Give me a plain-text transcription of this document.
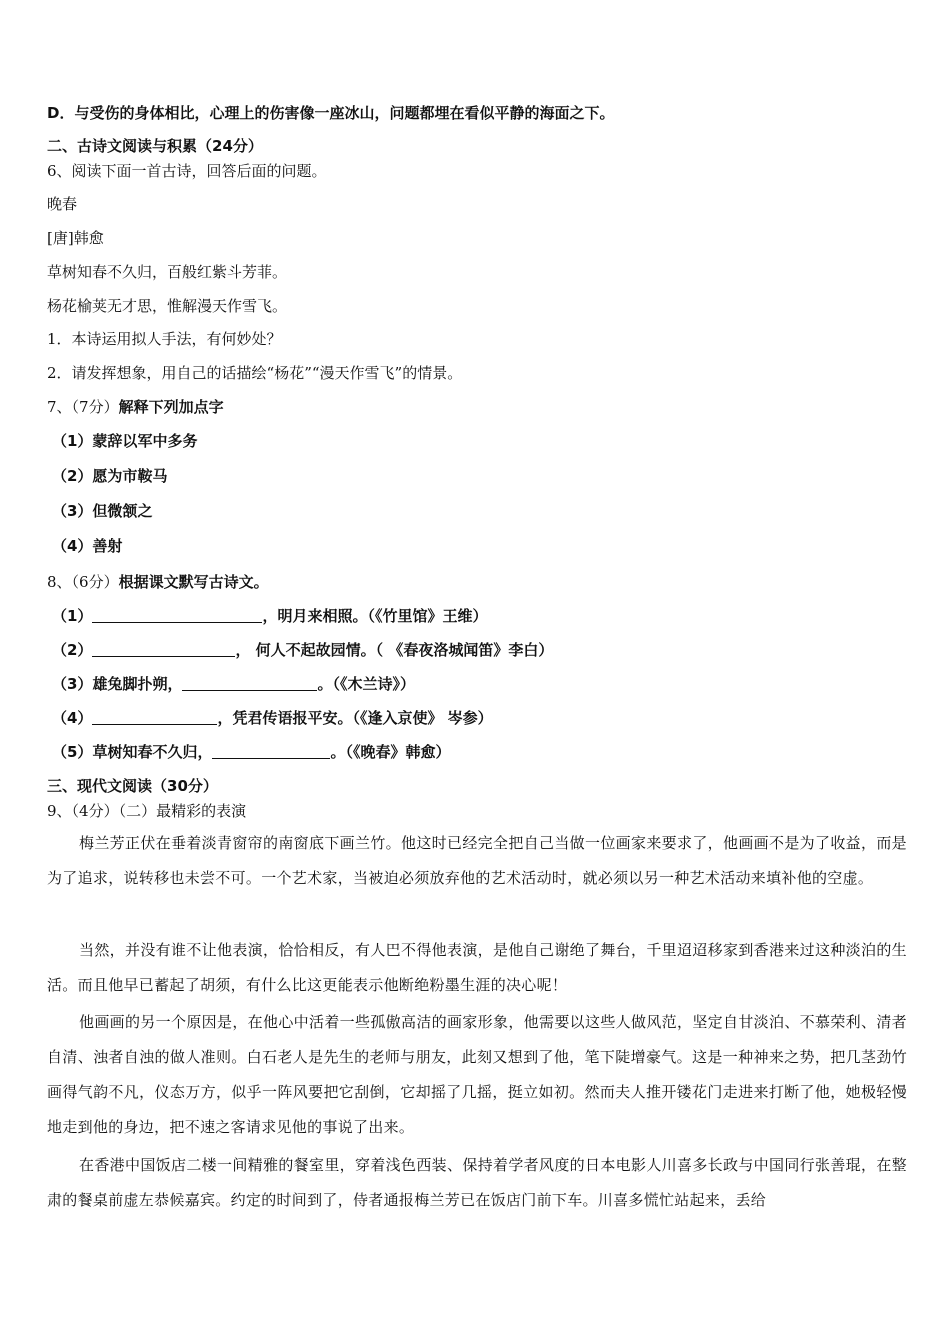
D．与受伤的身体相比，心理上的伤害像一座冰山，问题都埋在看似平静的海面之下。
二、古诗文阅读与积累（24分）
6、阅读下面一首古诗，回答后面的问题。
晚春
[唐]韩愈
草树知春不久归，百般红紫斗芳菲。
杨花榆荚无才思，惟解漫天作雪飞。
1．本诗运用拟人手法，有何妙处？
2．请发挥想象，用自己的话描绘“杨花”“漫天作雪飞”的情景。
7、（7分）解释下列加点字
（1）蒙辞以军中多务
（2）愿为市鞍马
（3）但微颔之
（4）善射
8、（6分）根据课文默写古诗文。
（1）	，明月来相照。（《竹里馆》王维）
（2）	， 何人不起故园情。（ 《春夜洛城闻笛》李白）
（3）雄兔脚扑朔，	。（《木兰诗》）
（4）	，凭君传语报平安。（《逢入京使》 岑参）
（5）草树知春不久归，	。（《晚春》韩愈）
三、现代文阅读（30分）
9、（4分）（二）最精彩的表演
梅兰芳正伏在垂着淡青窗帘的南窗底下画兰竹。他这时已经完全把自己当做一位画家来要求了，他画画不是为了收益，而是为了追求，说转移也未尝不可。一个艺术家，当被迫必须放弃他的艺术活动时，就必须以另一种艺术活动来填补他的空虚。
当然，并没有谁不让他表演，恰恰相反，有人巴不得他表演，是他自己谢绝了舞台，千里迢迢移家到香港来过这种淡泊的生活。而且他早已蓄起了胡须，有什么比这更能表示他断绝粉墨生涯的决心呢！
他画画的另一个原因是，在他心中活着一些孤傲高洁的画家形象，他需要以这些人做风范，坚定自甘淡泊、不慕荣利、清者自清、浊者自浊的做人准则。白石老人是先生的老师与朋友，此刻又想到了他，笔下陡增豪气。这是一种神来之势，把几茎劲竹画得气韵不凡，仪态万方，似乎一阵风要把它刮倒，它却摇了几摇，挺立如初。然而夫人推开镂花门走进来打断了他，她极轻慢地走到他的身边，把不速之客请求见他的事说了出来。
在香港中国饭店二楼一间精雅的餐室里，穿着浅色西装、保持着学者风度的日本电影人川喜多长政与中国同行张善琨，在整肃的餐桌前虚左恭候嘉宾。约定的时间到了，侍者通报梅兰芳已在饭店门前下车。川喜多慌忙站起来，丢给
